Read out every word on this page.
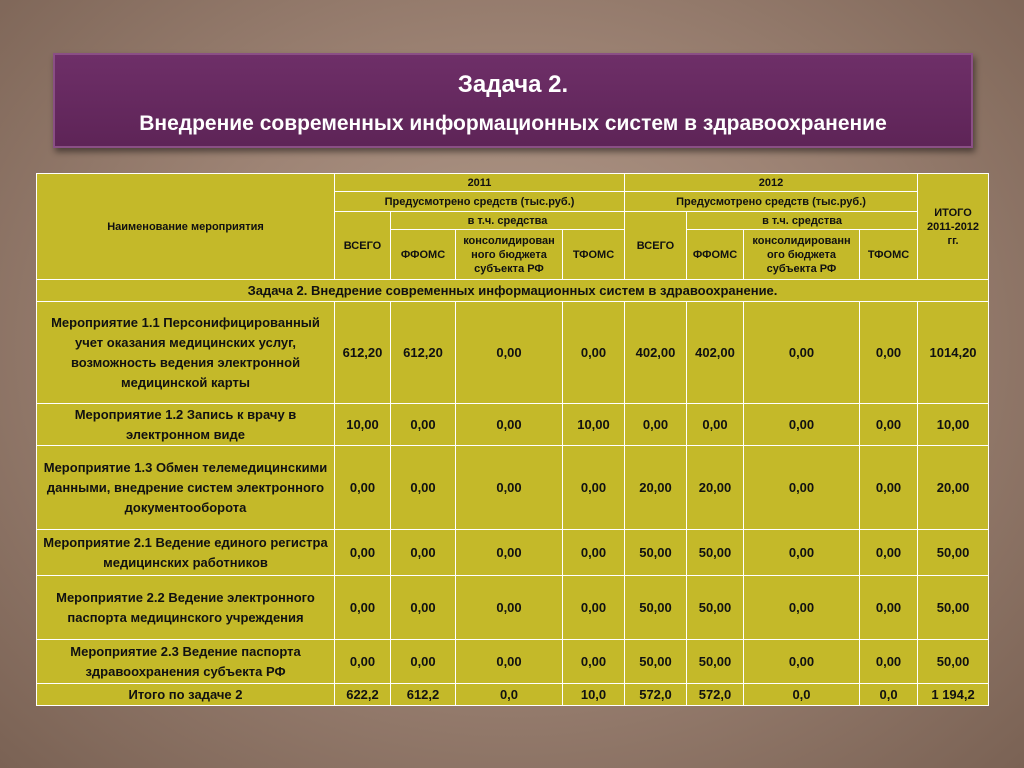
Задача 2.
Внедрение современных информационных систем в здравоохранение
Наименование мероприятия	2011				2012				ИТОГО 2011-2012 гг.
	Предусмотрено средств (тыс.руб.)				Предусмотрено средств (тыс.руб.)				
	ВСЕГО	в т.ч. средства			ВСЕГО	в т.ч. средства			
		ФФОМС	консолидирован ного бюджета субъекта РФ	ТФОМС		ФФОМС	консолидированн ого бюджета субъекта РФ	ТФОМС	
Задача 2. Внедрение современных информационных систем в здравоохранение.									
Мероприятие 1.1 Персонифицированный учет оказания медицинских услуг, возможность ведения электронной медицинской карты	612,20	612,20	0,00	0,00	402,00	402,00	0,00	0,00	1014,20
Мероприятие 1.2 Запись к врачу в электронном виде	10,00	0,00	0,00	10,00	0,00	0,00	0,00	0,00	10,00
Мероприятие 1.3 Обмен телемедицинскими данными, внедрение систем электронного документооборота	0,00	0,00	0,00	0,00	20,00	20,00	0,00	0,00	20,00
Мероприятие 2.1 Ведение единого регистра медицинских работников	0,00	0,00	0,00	0,00	50,00	50,00	0,00	0,00	50,00
Мероприятие 2.2 Ведение электронного паспорта медицинского учреждения	0,00	0,00	0,00	0,00	50,00	50,00	0,00	0,00	50,00
Мероприятие 2.3 Ведение паспорта здравоохранения субъекта РФ	0,00	0,00	0,00	0,00	50,00	50,00	0,00	0,00	50,00
Итого по задаче 2	622,2	612,2	0,0	10,0	572,0	572,0	0,0	0,0	1 194,2
